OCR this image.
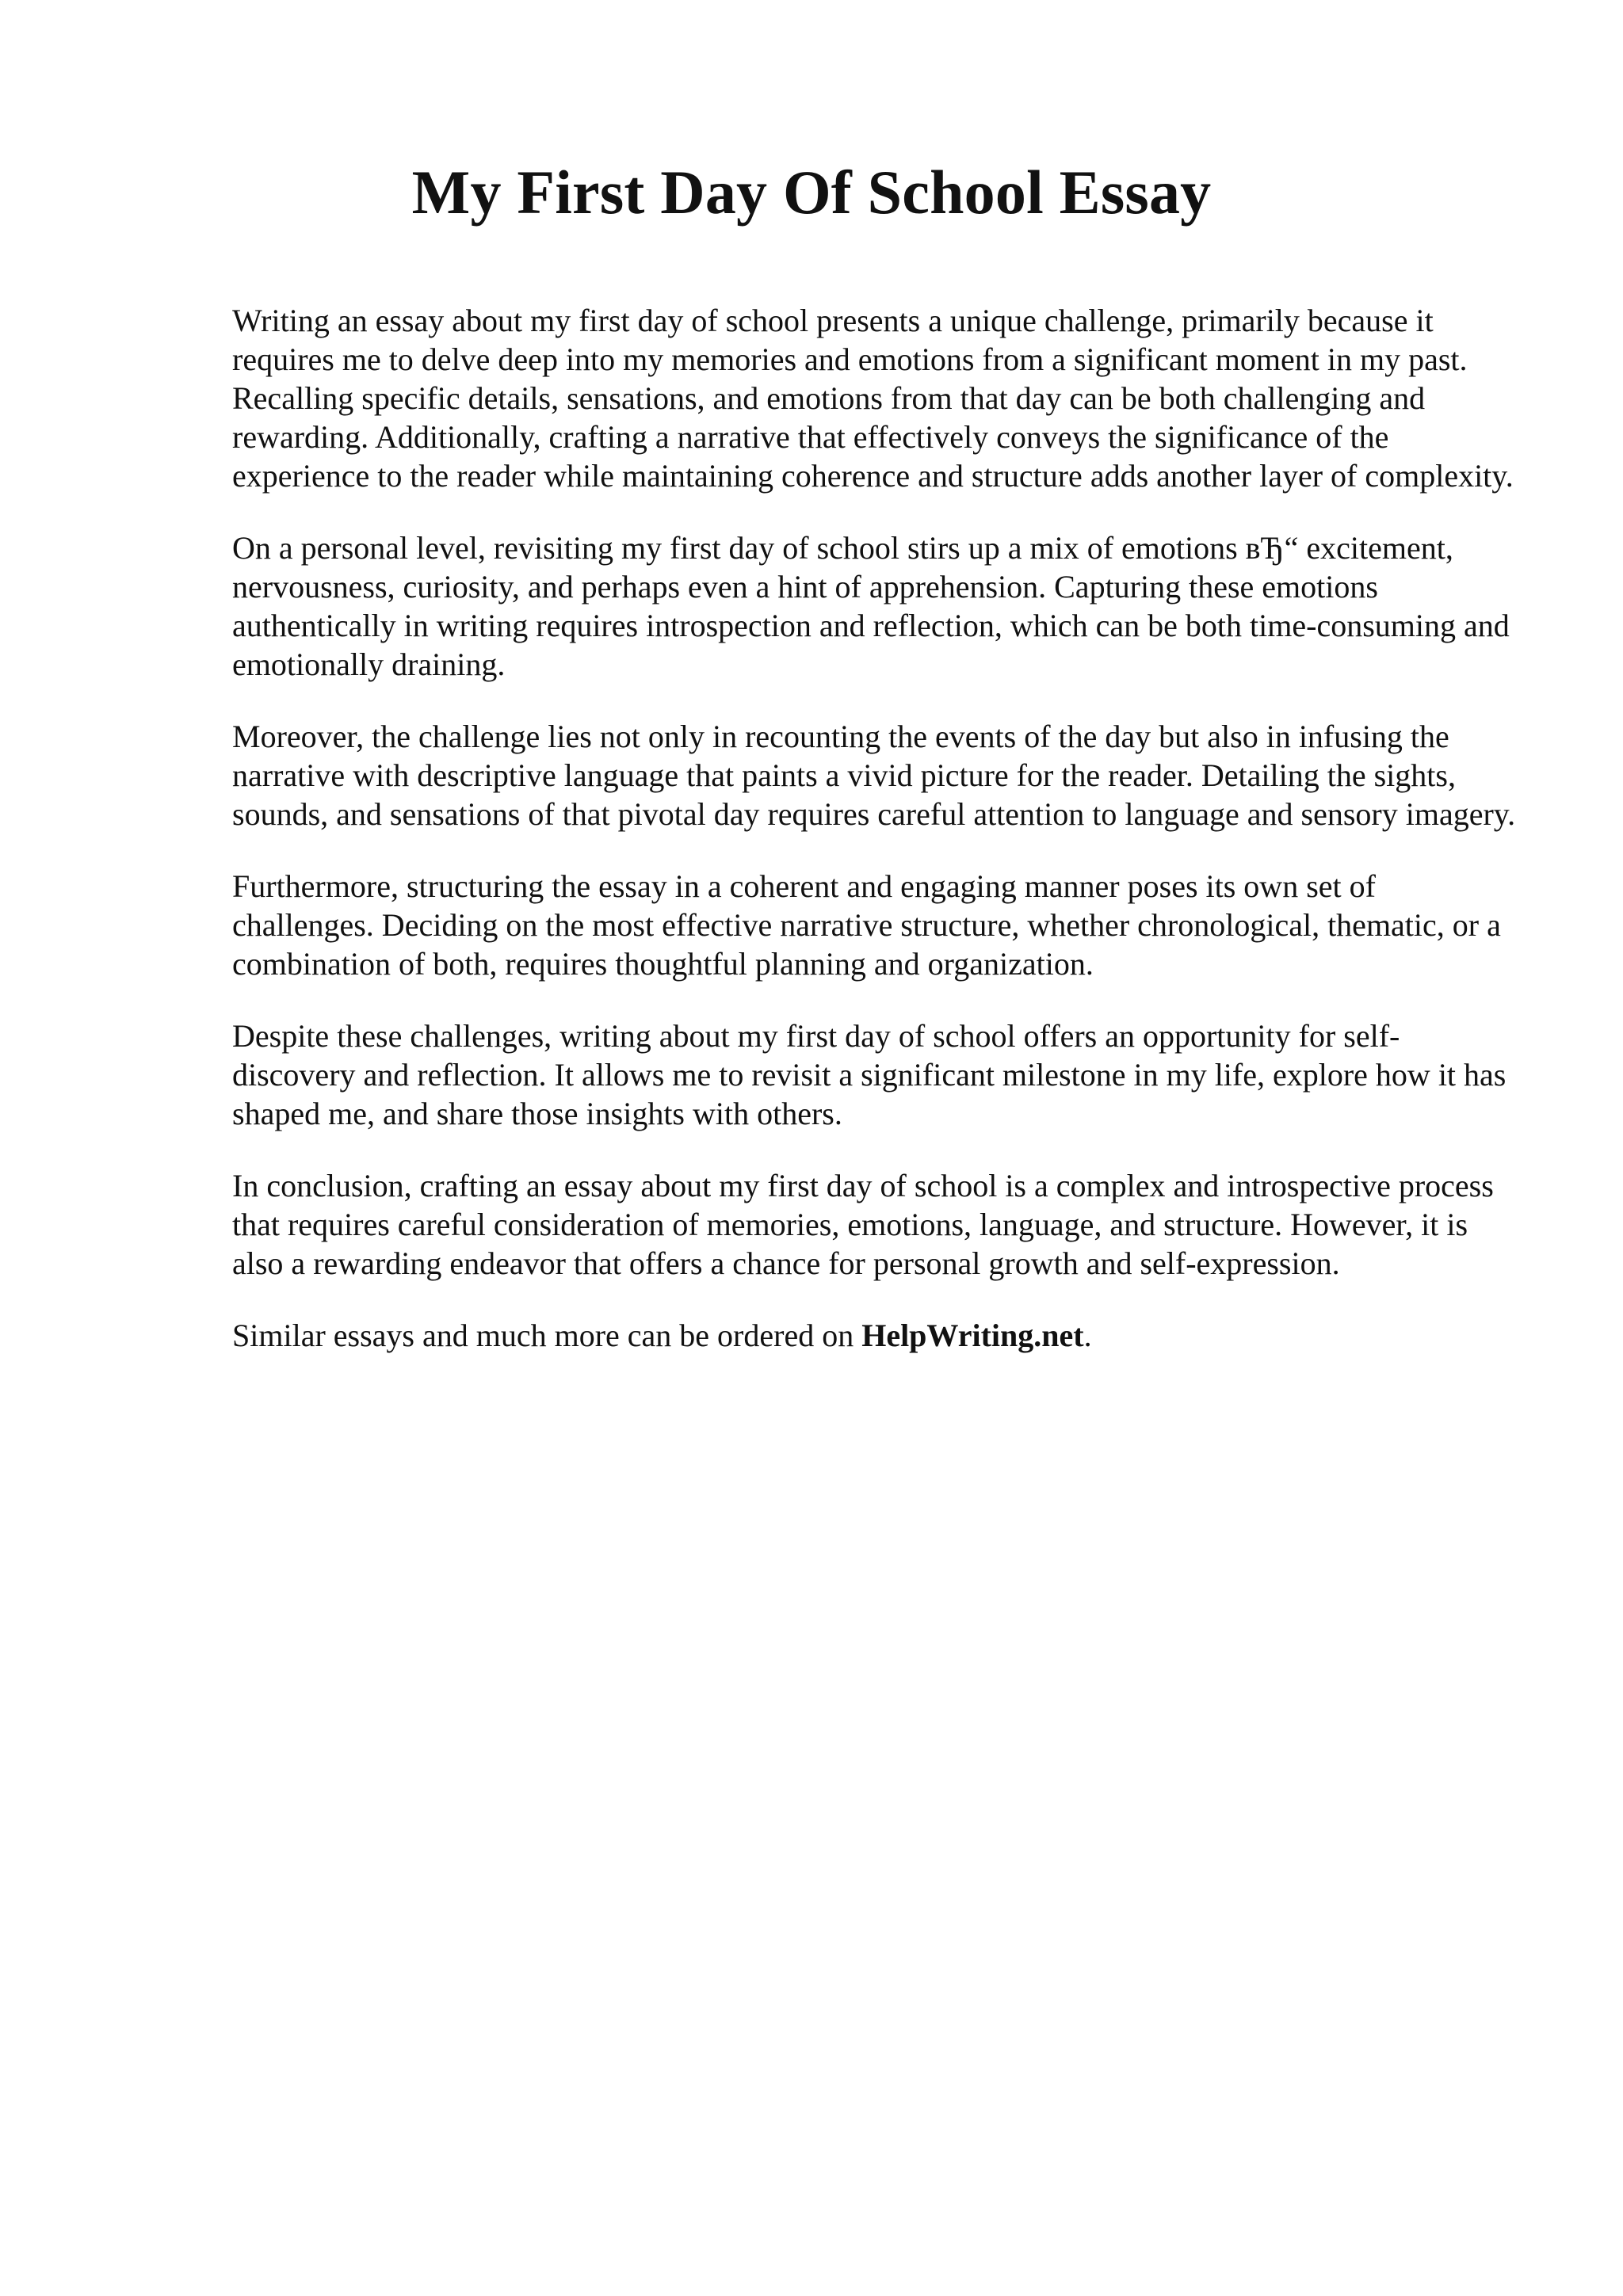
My First Day Of School Essay

Writing an essay about my first day of school presents a unique challenge, primarily because it requires me to delve deep into my memories and emotions from a significant moment in my past. Recalling specific details, sensations, and emotions from that day can be both challenging and rewarding. Additionally, crafting a narrative that effectively conveys the significance of the experience to the reader while maintaining coherence and structure adds another layer of complexity.

On a personal level, revisiting my first day of school stirs up a mix of emotions вЂ“ excitement, nervousness, curiosity, and perhaps even a hint of apprehension. Capturing these emotions authentically in writing requires introspection and reflection, which can be both time-consuming and emotionally draining.

Moreover, the challenge lies not only in recounting the events of the day but also in infusing the narrative with descriptive language that paints a vivid picture for the reader. Detailing the sights, sounds, and sensations of that pivotal day requires careful attention to language and sensory imagery.

Furthermore, structuring the essay in a coherent and engaging manner poses its own set of challenges. Deciding on the most effective narrative structure, whether chronological, thematic, or a combination of both, requires thoughtful planning and organization.

Despite these challenges, writing about my first day of school offers an opportunity for self-discovery and reflection. It allows me to revisit a significant milestone in my life, explore how it has shaped me, and share those insights with others.

In conclusion, crafting an essay about my first day of school is a complex and introspective process that requires careful consideration of memories, emotions, language, and structure. However, it is also a rewarding endeavor that offers a chance for personal growth and self-expression.

Similar essays and much more can be ordered on HelpWriting.net.
